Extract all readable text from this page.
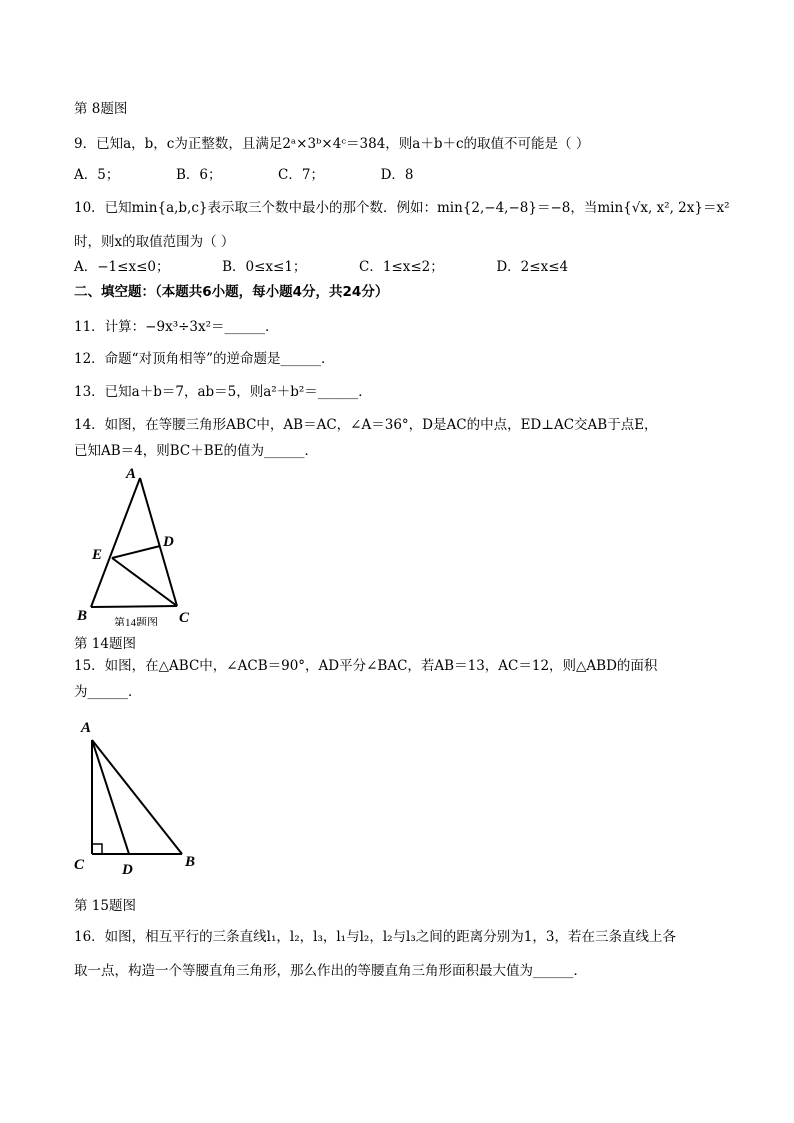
第 8题图
9．已知a，b，c为正整数，且满足2ᵃ×3ᵇ×4ᶜ＝384，则a＋b＋c的取值不可能是（ ）
A．5；	B．6；	C．7；	D．8
10．已知min{a,b,c}表示取三个数中最小的那个数．例如：min{2,−4,−8}＝−8，当min{√x, x², 2x}＝x²
时，则x的取值范围为（ ）
A．−1≤x≤0；	B．0≤x≤1；	C．1≤x≤2；	D．2≤x≤4
二、填空题：（本题共6小题，每小题4分，共24分）
11．计算：−9x³÷3x²＝______．
12．命题“对顶角相等”的逆命题是______．
13．已知a＋b＝7，ab＝5，则a²＋b²＝______．
14．如图，在等腰三角形ABC中，AB＝AC，∠A＝36°，D是AC的中点，ED⊥AC交AB于点E，
已知AB＝4，则BC＋BE的值为______．
A
B	C
D
E
第14题图
第 14题图
15．如图，在△ABC中，∠ACB＝90°，AD平分∠BAC，若AB＝13，AC＝12，则△ABD的面积
为______．
A
C	D	B
第 15题图
16．如图，相互平行的三条直线l₁，l₂，l₃，l₁与l₂，l₂与l₃之间的距离分别为1，3，若在三条直线上各
取一点，构造一个等腰直角三角形，那么作出的等腰直角三角形面积最大值为______．
